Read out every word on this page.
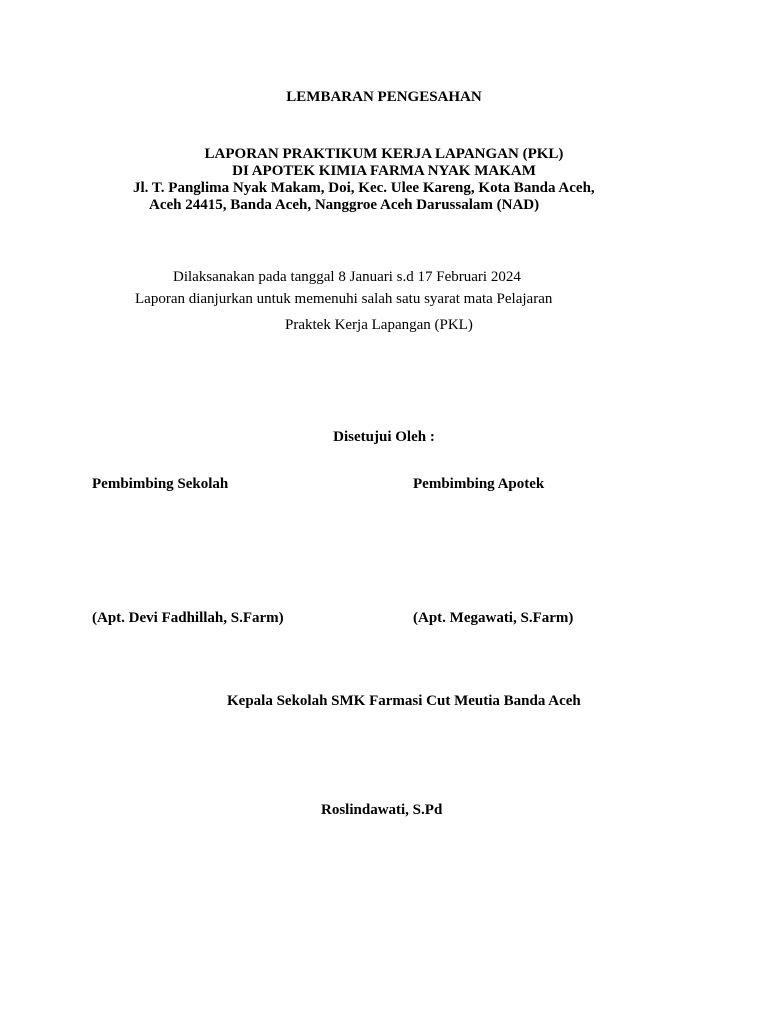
LEMBARAN PENGESAHAN
LAPORAN PRAKTIKUM KERJA LAPANGAN (PKL)
DI APOTEK KIMIA FARMA NYAK MAKAM
Jl. T. Panglima Nyak Makam, Doi, Kec. Ulee Kareng, Kota Banda Aceh,
Aceh 24415, Banda Aceh, Nanggroe Aceh Darussalam (NAD)
Dilaksanakan pada tanggal 8 Januari s.d 17 Februari 2024
Laporan dianjurkan untuk memenuhi salah satu syarat mata Pelajaran
Praktek Kerja Lapangan (PKL)
Disetujui Oleh :
Pembimbing Sekolah	Pembimbing Apotek
(Apt. Devi Fadhillah, S.Farm)	(Apt. Megawati, S.Farm)
Kepala Sekolah SMK Farmasi Cut Meutia Banda Aceh
Roslindawati, S.Pd
